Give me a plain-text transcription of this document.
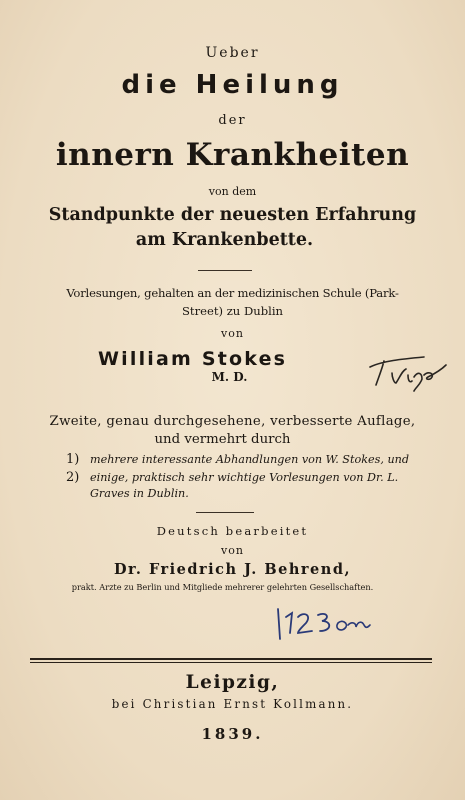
Ueber
die Heilung
der
innern Krankheiten
von dem
Standpunkte der neuesten Erfahrung
am Krankenbette.
Vorlesungen, gehalten an der medizinischen Schule (Park-
Street) zu Dublin
von
William Stokes
M. D.
Zweite, genau durchgesehene, verbesserte Auflage,
und vermehrt durch
1) mehrere interessante Abhandlungen von W. Stokes, und
2) einige, praktisch sehr wichtige Vorlesungen von Dr. L.
Graves in Dublin.
Deutsch bearbeitet
von
Dr. Friedrich J. Behrend,
prakt. Arzte zu Berlin und Mitgliede mehrerer gelehrten Gesellschaften.
Leipzig,
bei Christian Ernst Kollmann.
1839.
